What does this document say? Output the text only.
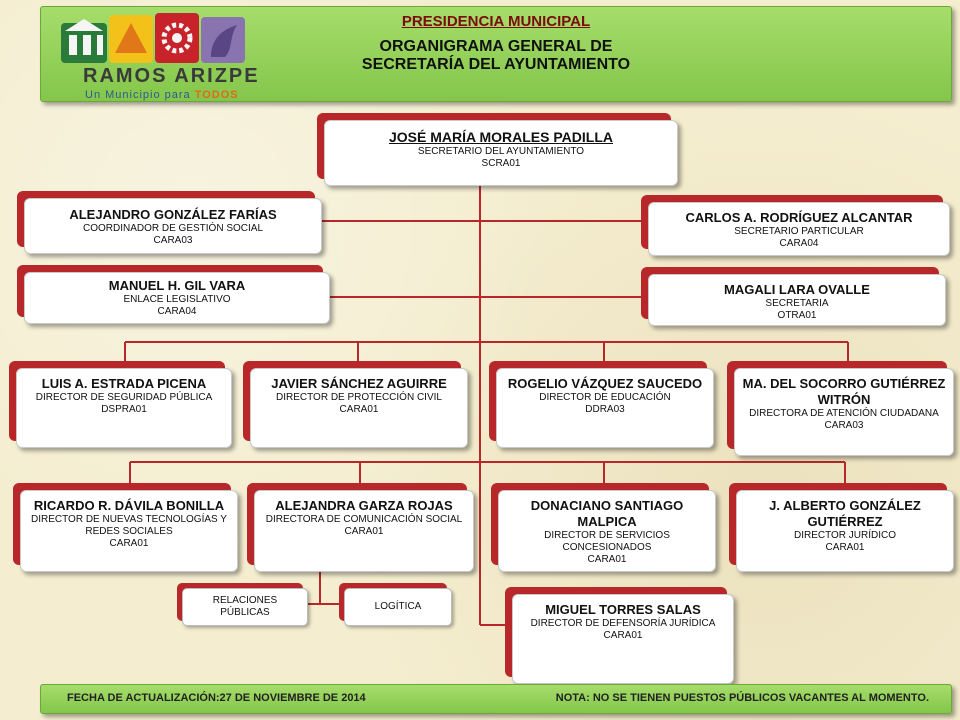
RAMOS ARIZPE
Un Municipio para TODOS
PRESIDENCIA MUNICIPAL
ORGANIGRAMA GENERAL DE
SECRETARÍA DEL AYUNTAMIENTO
JOSÉ MARÍA MORALES PADILLA
SECRETARIO DEL AYUNTAMIENTO
SCRA01
ALEJANDRO GONZÁLEZ FARÍAS
COORDINADOR DE GESTIÓN SOCIAL
CARA03
MANUEL H. GIL VARA
ENLACE LEGISLATIVO
CARA04
CARLOS A. RODRÍGUEZ ALCANTAR
SECRETARIO PARTICULAR
CARA04
MAGALI LARA OVALLE
SECRETARIA
OTRA01
LUIS A. ESTRADA PICENA
DIRECTOR DE SEGURIDAD PÚBLICA
DSPRA01
JAVIER SÁNCHEZ AGUIRRE
DIRECTOR DE PROTECCIÓN CIVIL
CARA01
ROGELIO VÁZQUEZ SAUCEDO
DIRECTOR DE EDUCACIÓN
DDRA03
MA. DEL SOCORRO GUTIÉRREZ WITRÓN
DIRECTORA DE ATENCIÓN CIUDADANA
CARA03
RICARDO R. DÁVILA BONILLA
DIRECTOR DE NUEVAS TECNOLOGÍAS Y REDES SOCIALES
CARA01
ALEJANDRA GARZA ROJAS
DIRECTORA DE COMUNICACIÓN SOCIAL
CARA01
DONACIANO SANTIAGO MALPICA
DIRECTOR DE SERVICIOS CONCESIONADOS
CARA01
J. ALBERTO GONZÁLEZ GUTIÉRREZ
DIRECTOR JURÍDICO
CARA01
RELACIONES PÚBLICAS
LOGÍTICA	MIGUEL TORRES SALAS
DIRECTOR DE DEFENSORÍA JURÍDICA
CARA01
FECHA DE ACTUALIZACIÓN:27 DE NOVIEMBRE DE 2014	NOTA: NO SE TIENEN PUESTOS PÚBLICOS VACANTES AL MOMENTO.
